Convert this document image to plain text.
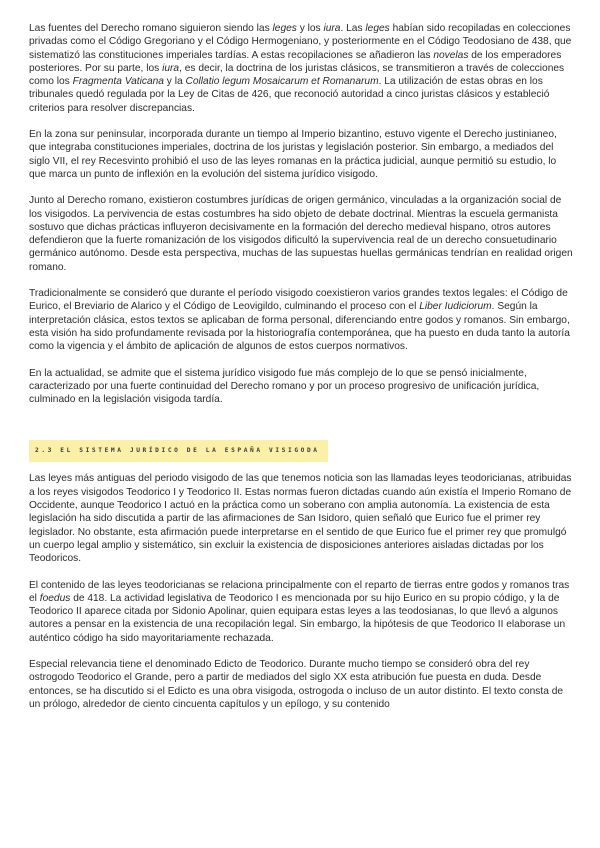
Las fuentes del Derecho romano siguieron siendo las leges y los iura. Las leges habían sido recopiladas en colecciones privadas como el Código Gregoriano y el Código Hermogeniano, y posteriormente en el Código Teodosiano de 438, que sistematizó las constituciones imperiales tardías. A estas recopilaciones se añadieron las novelas de los emperadores posteriores. Por su parte, los iura, es decir, la doctrina de los juristas clásicos, se transmitieron a través de colecciones como los Fragmenta Vaticana y la Collatio legum Mosaicarum et Romanarum. La utilización de estas obras en los tribunales quedó regulada por la Ley de Citas de 426, que reconoció autoridad a cinco juristas clásicos y estableció criterios para resolver discrepancias.

En la zona sur peninsular, incorporada durante un tiempo al Imperio bizantino, estuvo vigente el Derecho justinianeo, que integraba constituciones imperiales, doctrina de los juristas y legislación posterior. Sin embargo, a mediados del siglo VII, el rey Recesvinto prohibió el uso de las leyes romanas en la práctica judicial, aunque permitió su estudio, lo que marca un punto de inflexión en la evolución del sistema jurídico visigodo.

Junto al Derecho romano, existieron costumbres jurídicas de origen germánico, vinculadas a la organización social de los visigodos. La pervivencia de estas costumbres ha sido objeto de debate doctrinal. Mientras la escuela germanista sostuvo que dichas prácticas influyeron decisivamente en la formación del derecho medieval hispano, otros autores defendieron que la fuerte romanización de los visigodos dificultó la supervivencia real de un derecho consuetudinario germánico autónomo. Desde esta perspectiva, muchas de las supuestas huellas germánicas tendrían en realidad origen romano.

Tradicionalmente se consideró que durante el período visigodo coexistieron varios grandes textos legales: el Código de Eurico, el Breviario de Alarico y el Código de Leovigildo, culminando el proceso con el Liber Iudiciorum. Según la interpretación clásica, estos textos se aplicaban de forma personal, diferenciando entre godos y romanos. Sin embargo, esta visión ha sido profundamente revisada por la historiografía contemporánea, que ha puesto en duda tanto la autoría como la vigencia y el ámbito de aplicación de algunos de estos cuerpos normativos.

En la actualidad, se admite que el sistema jurídico visigodo fue más complejo de lo que se pensó inicialmente, caracterizado por una fuerte continuidad del Derecho romano y por un proceso progresivo de unificación jurídica, culminado en la legislación visigoda tardía.

2.3 EL SISTEMA JURÍDICO DE LA ESPAÑA VISIGODA

Las leyes más antiguas del periodo visigodo de las que tenemos noticia son las llamadas leyes teodoricianas, atribuidas a los reyes visigodos Teodorico I y Teodorico II. Estas normas fueron dictadas cuando aún existía el Imperio Romano de Occidente, aunque Teodorico I actuó en la práctica como un soberano con amplia autonomía. La existencia de esta legislación ha sido discutida a partir de las afirmaciones de San Isidoro, quien señaló que Eurico fue el primer rey legislador. No obstante, esta afirmación puede interpretarse en el sentido de que Eurico fue el primer rey que promulgó un cuerpo legal amplio y sistemático, sin excluir la existencia de disposiciones anteriores aisladas dictadas por los Teodoricos.

El contenido de las leyes teodoricianas se relaciona principalmente con el reparto de tierras entre godos y romanos tras el foedus de 418. La actividad legislativa de Teodorico I es mencionada por su hijo Eurico en su propio código, y la de Teodorico II aparece citada por Sidonio Apolinar, quien equipara estas leyes a las teodosianas, lo que llevó a algunos autores a pensar en la existencia de una recopilación legal. Sin embargo, la hipótesis de que Teodorico II elaborase un auténtico código ha sido mayoritariamente rechazada.

Especial relevancia tiene el denominado Edicto de Teodorico. Durante mucho tiempo se consideró obra del rey ostrogodo Teodorico el Grande, pero a partir de mediados del siglo XX esta atribución fue puesta en duda. Desde entonces, se ha discutido si el Edicto es una obra visigoda, ostrogoda o incluso de un autor distinto. El texto consta de un prólogo, alrededor de ciento cincuenta capítulos y un epílogo, y su contenido
